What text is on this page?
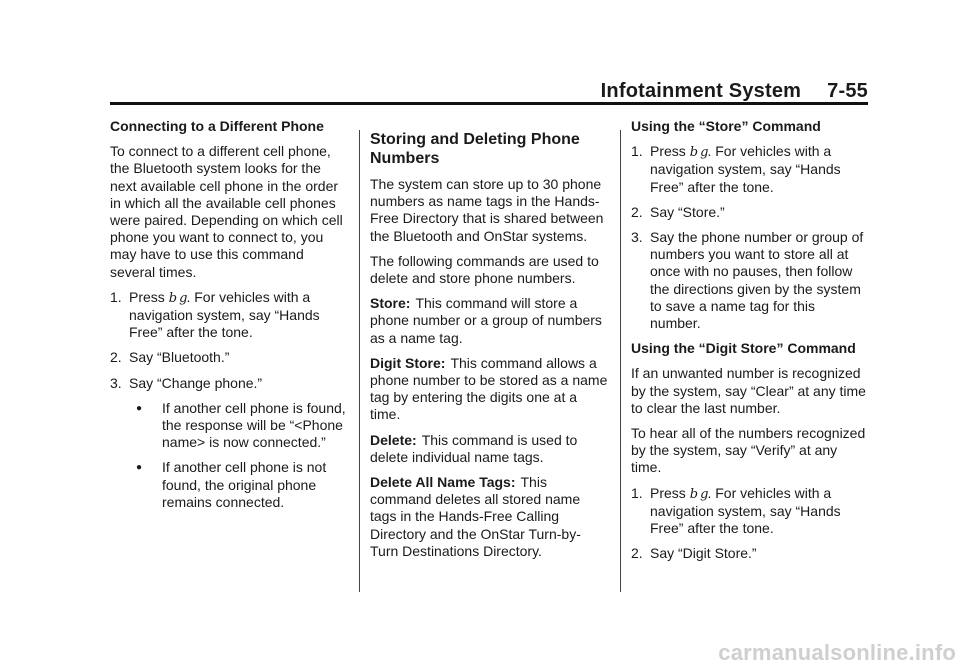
Infotainment System 7-55

Connecting to a Different Phone

To connect to a different cell phone, the Bluetooth system looks for the next available cell phone in the order in which all the available cell phones were paired. Depending on which cell phone you want to connect to, you may have to use this command several times.

1. Press b g. For vehicles with a navigation system, say “Hands Free” after the tone.
2. Say “Bluetooth.”
3. Say “Change phone.”
●	If another cell phone is found, the response will be “<Phone name> is now connected.”
●	If another cell phone is not found, the original phone remains connected.
Storing and Deleting Phone Numbers

The system can store up to 30 phone numbers as name tags in the Hands-Free Directory that is shared between the Bluetooth and OnStar systems.

The following commands are used to delete and store phone numbers.

Store: This command will store a phone number or a group of numbers as a name tag.

Digit Store: This command allows a phone number to be stored as a name tag by entering the digits one at a time.

Delete: This command is used to delete individual name tags.

Delete All Name Tags: This command deletes all stored name tags in the Hands-Free Calling Directory and the OnStar Turn-by-Turn Destinations Directory.

Using the “Store” Command

1. Press b g. For vehicles with a navigation system, say “Hands Free” after the tone.
2. Say “Store.”
3. Say the phone number or group of numbers you want to store all at once with no pauses, then follow the directions given by the system to save a name tag for this number.

Using the “Digit Store” Command

If an unwanted number is recognized by the system, say “Clear” at any time to clear the last number.

To hear all of the numbers recognized by the system, say “Verify” at any time.

1. Press b g. For vehicles with a navigation system, say “Hands Free” after the tone.
2. Say “Digit Store.”
carmanualsonline.info
